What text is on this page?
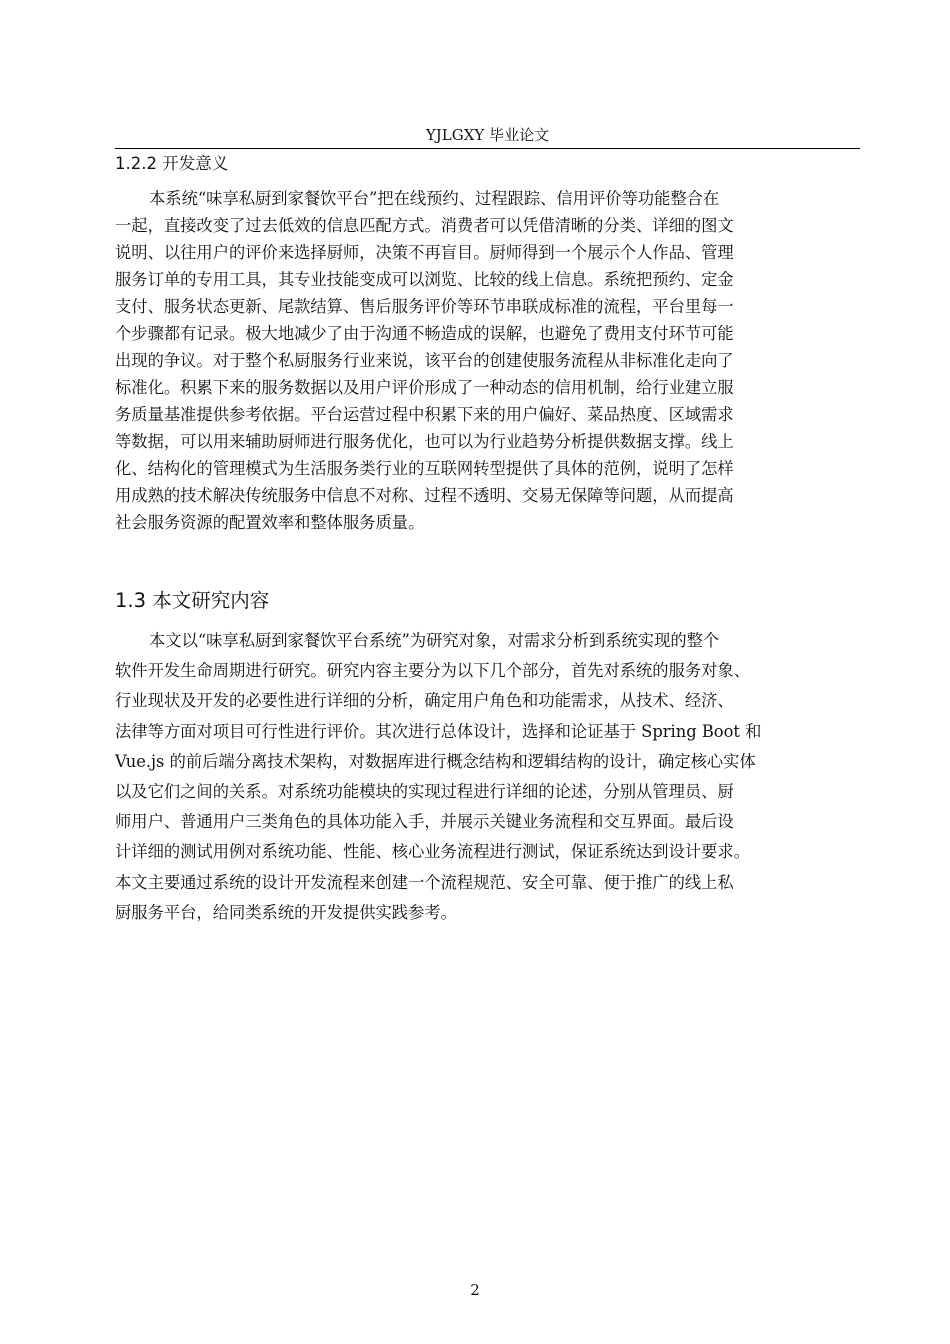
YJLGXY 毕业论文
1.2.2 开发意义
本系统“味享私厨到家餐饮平台”把在线预约、过程跟踪、信用评价等功能整合在
一起，直接改变了过去低效的信息匹配方式。消费者可以凭借清晰的分类、详细的图文
说明、以往用户的评价来选择厨师，决策不再盲目。厨师得到一个展示个人作品、管理
服务订单的专用工具，其专业技能变成可以浏览、比较的线上信息。系统把预约、定金
支付、服务状态更新、尾款结算、售后服务评价等环节串联成标准的流程，平台里每一
个步骤都有记录。极大地减少了由于沟通不畅造成的误解，也避免了费用支付环节可能
出现的争议。对于整个私厨服务行业来说，该平台的创建使服务流程从非标准化走向了
标准化。积累下来的服务数据以及用户评价形成了一种动态的信用机制，给行业建立服
务质量基准提供参考依据。平台运营过程中积累下来的用户偏好、菜品热度、区域需求
等数据，可以用来辅助厨师进行服务优化，也可以为行业趋势分析提供数据支撑。线上
化、结构化的管理模式为生活服务类行业的互联网转型提供了具体的范例，说明了怎样
用成熟的技术解决传统服务中信息不对称、过程不透明、交易无保障等问题，从而提高
社会服务资源的配置效率和整体服务质量。
1.3 本文研究内容
本文以“味享私厨到家餐饮平台系统”为研究对象，对需求分析到系统实现的整个
软件开发生命周期进行研究。研究内容主要分为以下几个部分，首先对系统的服务对象、
行业现状及开发的必要性进行详细的分析，确定用户角色和功能需求，从技术、经济、
法律等方面对项目可行性进行评价。其次进行总体设计，选择和论证基于 Spring Boot 和
Vue.js 的前后端分离技术架构，对数据库进行概念结构和逻辑结构的设计，确定核心实体
以及它们之间的关系。对系统功能模块的实现过程进行详细的论述，分别从管理员、厨
师用户、普通用户三类角色的具体功能入手，并展示关键业务流程和交互界面。最后设
计详细的测试用例对系统功能、性能、核心业务流程进行测试，保证系统达到设计要求。
本文主要通过系统的设计开发流程来创建一个流程规范、安全可靠、便于推广的线上私
厨服务平台，给同类系统的开发提供实践参考。
2
